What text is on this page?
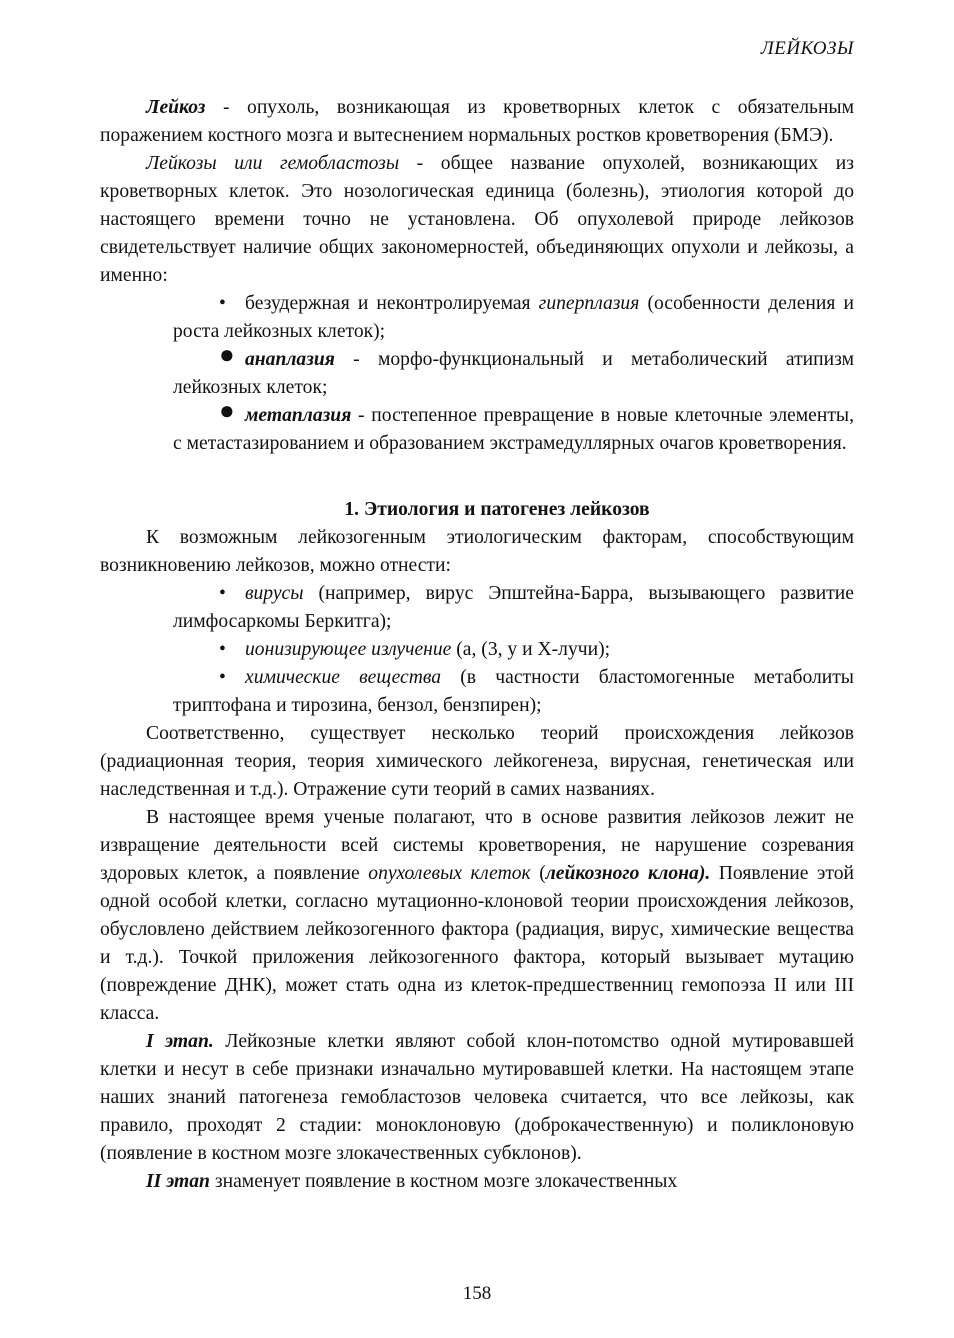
ЛЕЙКОЗЫ

Лейкоз - опухоль, возникающая из кроветворных клеток с обязательным поражением костного мозга и вытеснением нормальных ростков кроветворения (БМЭ).

Лейкозы или гемобластозы - общее название опухолей, возникающих из кроветворных клеток. Это нозологическая единица (болезнь), этиология которой до настоящего времени точно не установлена. Об опухолевой природе лейкозов свидетельствует наличие общих закономерностей, объединяющих опухоли и лейкозы, а именно:

• безудержная и неконтролируемая гиперплазия (особенности деления и роста лейкозных клеток);

● анаплазия - морфо-функциональный и метаболический атипизм лейкозных клеток;

● метаплазия - постепенное превращение в новые клеточные элементы, с метастазированием и образованием экстрамедуллярных очагов кроветворения.

1. Этиология и патогенез лейкозов

К возможным лейкозогенным этиологическим факторам, способствующим возникновению лейкозов, можно отнести:

• вирусы (например, вирус Эпштейна-Барра, вызывающего развитие лимфосаркомы Беркитга);

• ионизирующее излучение (а, (3, у и Х-лучи);

• химические вещества (в частности бластомогенные метаболиты триптофана и тирозина, бензол, бензпирен);

Соответственно, существует несколько теорий происхождения лейкозов (радиационная теория, теория химического лейкогенеза, вирусная, генетическая или наследственная и т.д.). Отражение сути теорий в самих названиях.

В настоящее время ученые полагают, что в основе развития лейкозов лежит не извращение деятельности всей системы кроветворения, не нарушение созревания здоровых клеток, а появление опухолевых клеток (лейкозного клона). Появление этой одной особой клетки, согласно мутационно-клоновой теории происхождения лейкозов, обусловлено действием лейкозогенного фактора (радиация, вирус, химические вещества и т.д.). Точкой приложения лейкозогенного фактора, который вызывает мутацию (повреждение ДНК), может стать одна из клеток-предшественниц гемопоэза II или III класса.

I этап. Лейкозные клетки являют собой клон-потомство одной мутировавшей клетки и несут в себе признаки изначально мутировавшей клетки. На настоящем этапе наших знаний патогенеза гемобластозов человека считается, что все лейкозы, как правило, проходят 2 стадии: моноклоновую (доброкачественную) и поликлоновую (появление в костном мозге злокачественных субклонов).

II этап знаменует появление в костном мозге злокачественных

158
